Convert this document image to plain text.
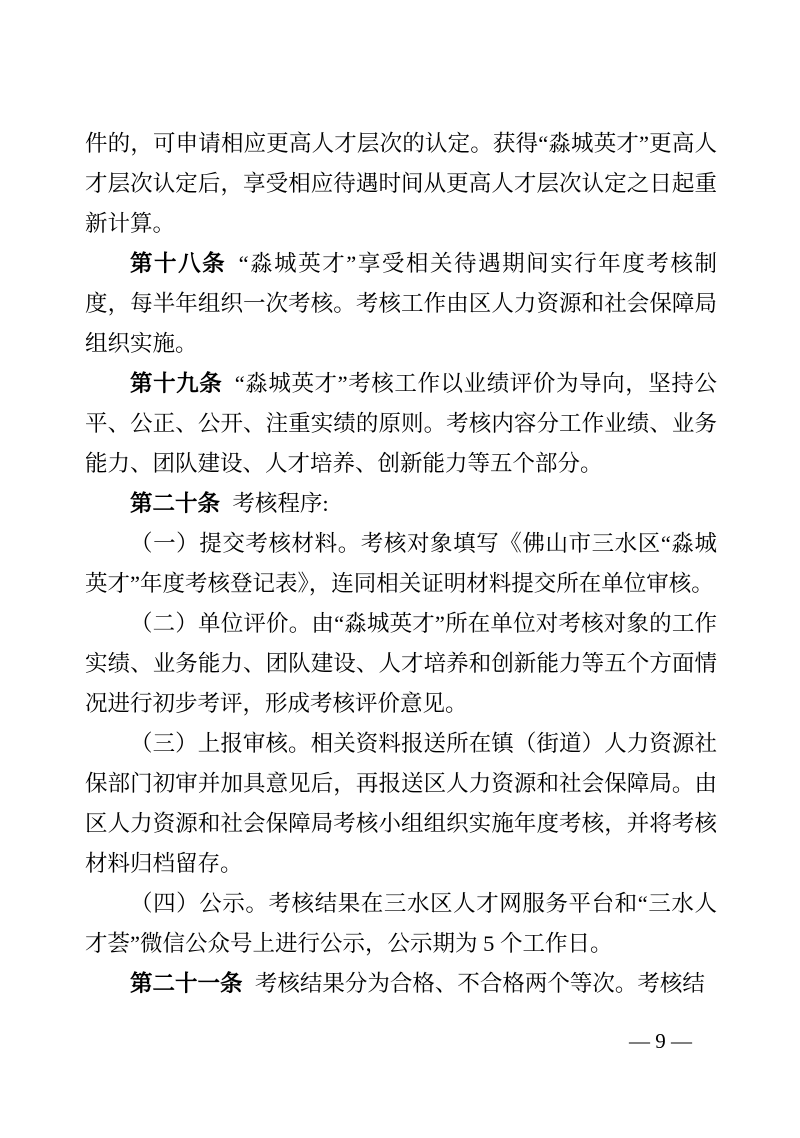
件的，可申请相应更高人才层次的认定。获得“淼城英才”更高人才层次认定后，享受相应待遇时间从更高人才层次认定之日起重新计算。

第十八条 “淼城英才”享受相关待遇期间实行年度考核制度，每半年组织一次考核。考核工作由区人力资源和社会保障局组织实施。

第十九条 “淼城英才”考核工作以业绩评价为导向，坚持公平、公正、公开、注重实绩的原则。考核内容分工作业绩、业务能力、团队建设、人才培养、创新能力等五个部分。

第二十条 考核程序:

（一）提交考核材料。考核对象填写《佛山市三水区“淼城英才”年度考核登记表》，连同相关证明材料提交所在单位审核。

（二）单位评价。由“淼城英才”所在单位对考核对象的工作实绩、业务能力、团队建设、人才培养和创新能力等五个方面情况进行初步考评，形成考核评价意见。

（三）上报审核。相关资料报送所在镇（街道）人力资源社保部门初审并加具意见后，再报送区人力资源和社会保障局。由区人力资源和社会保障局考核小组组织实施年度考核，并将考核材料归档留存。

（四）公示。考核结果在三水区人才网服务平台和“三水人才荟”微信公众号上进行公示，公示期为 5 个工作日。

第二十一条 考核结果分为合格、不合格两个等次。考核结

— 9 —
